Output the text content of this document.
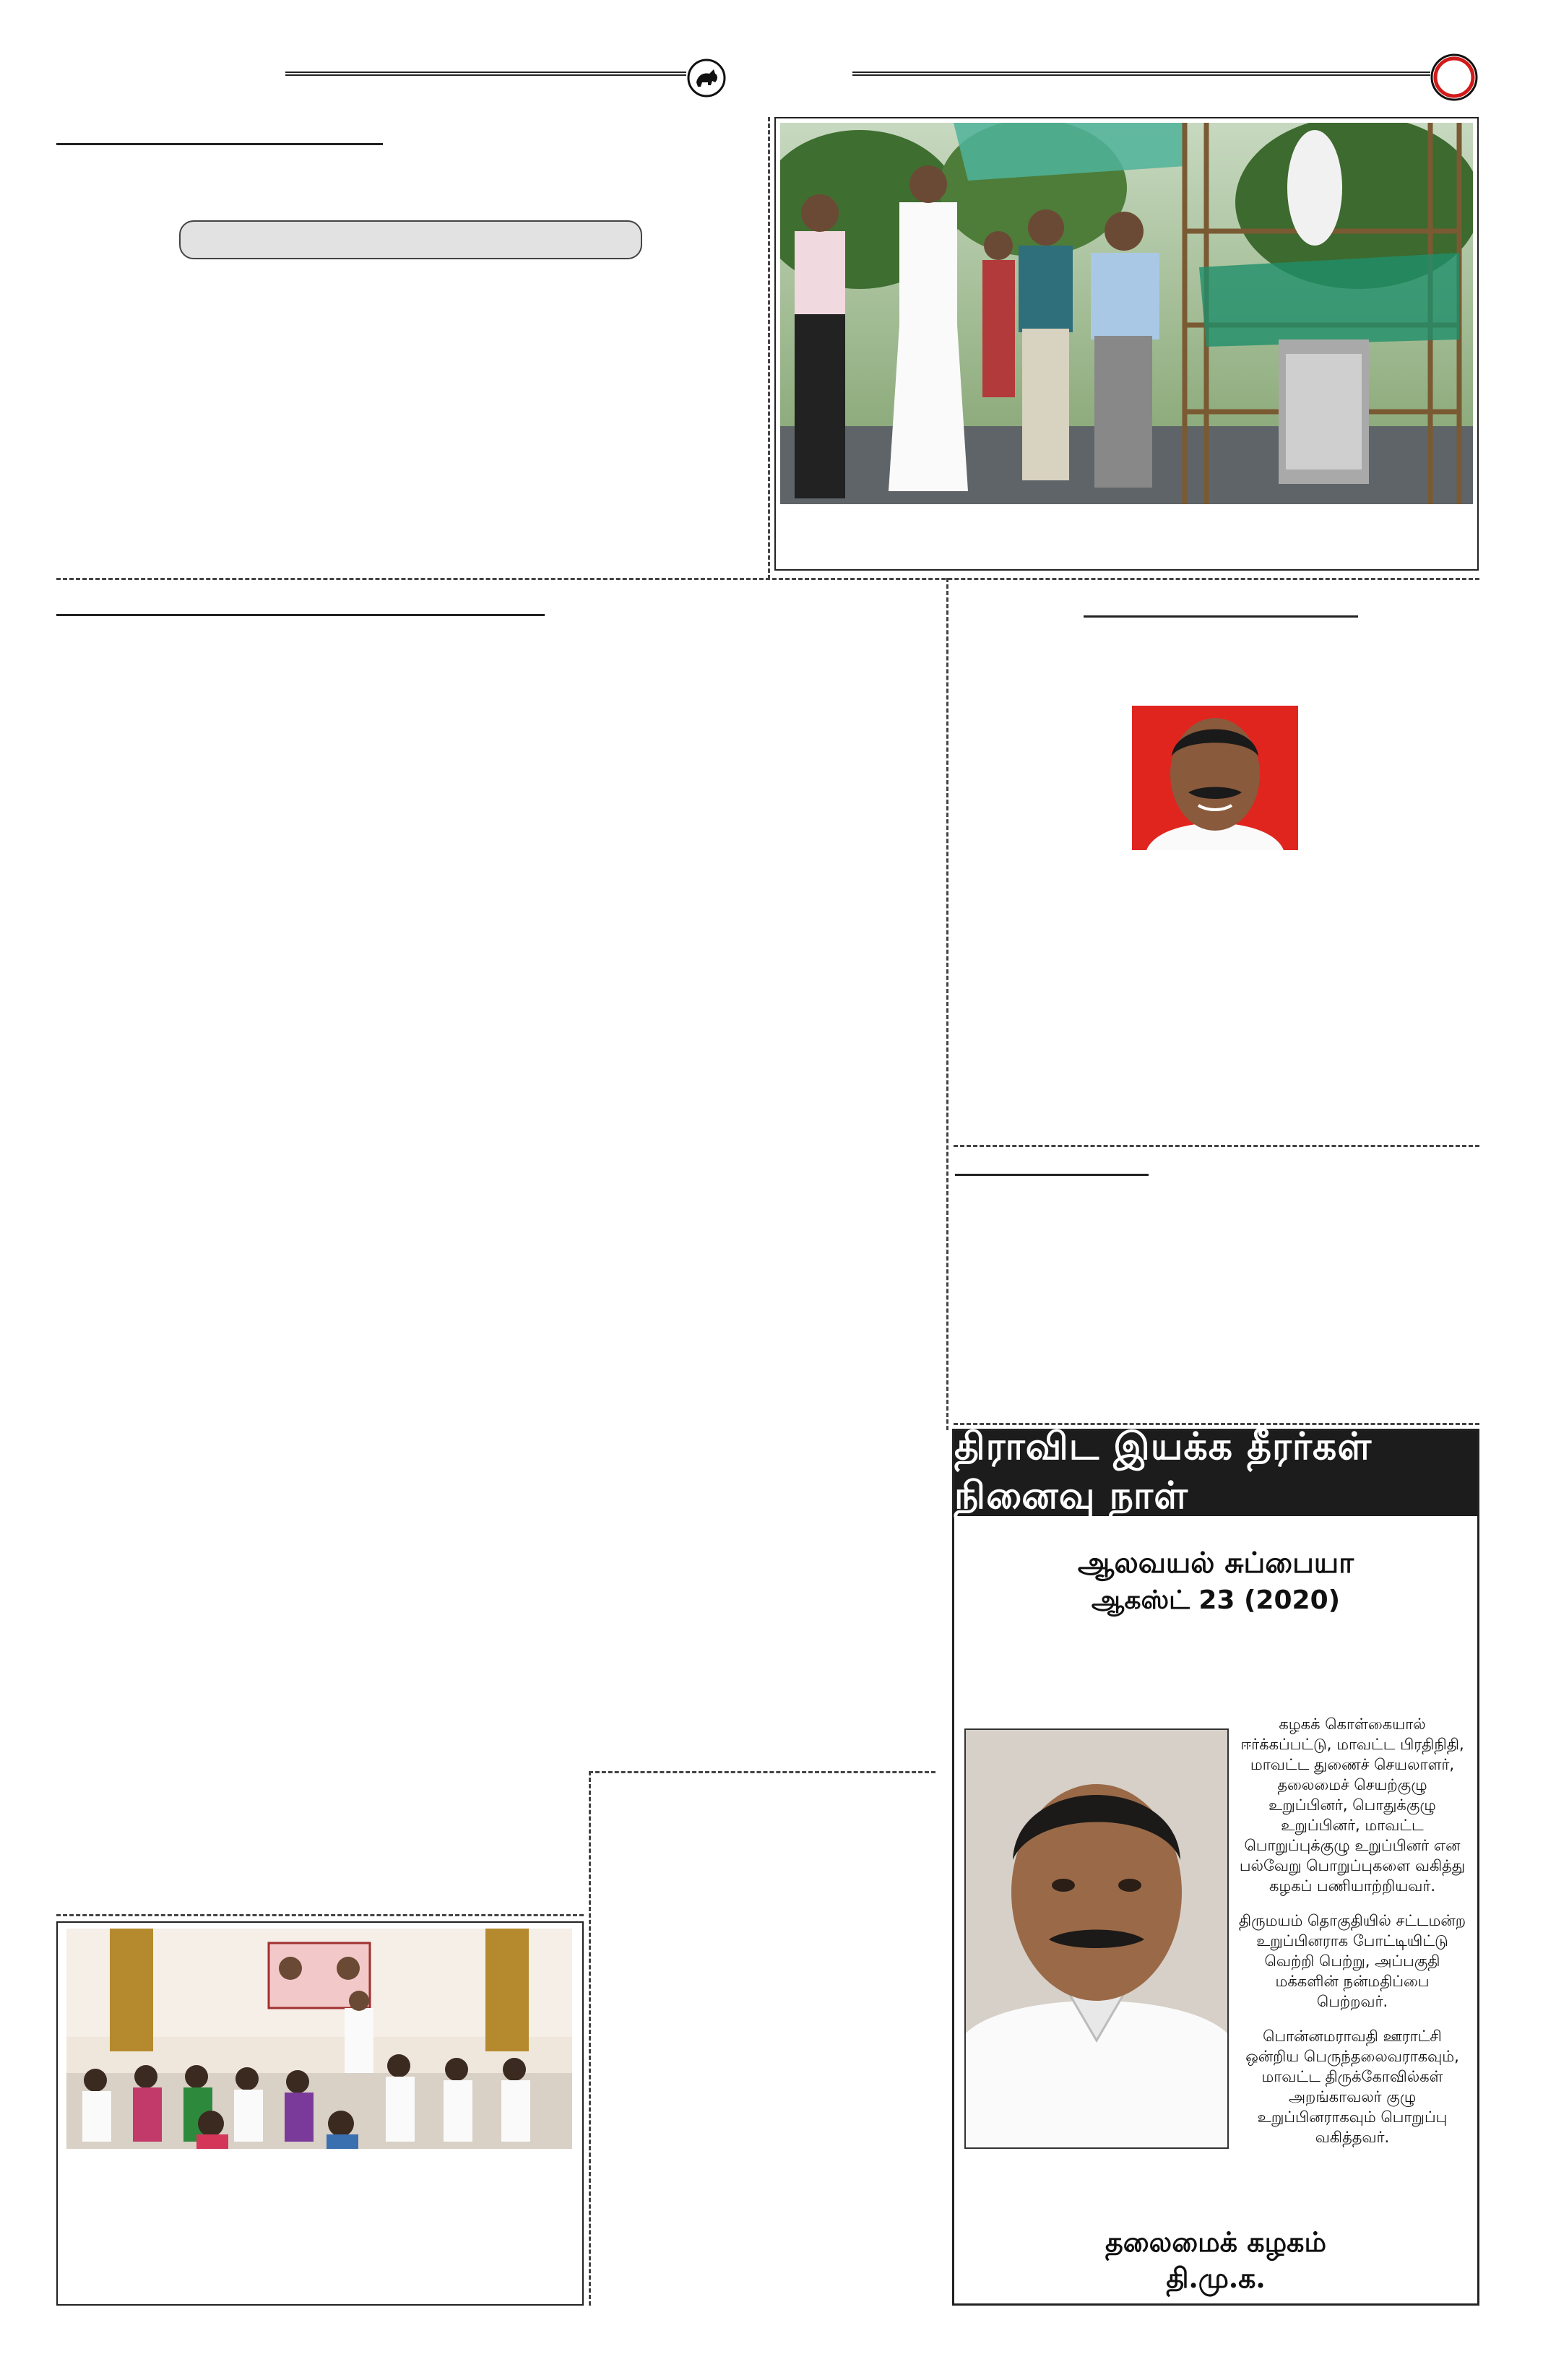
திராவிட இயக்க தீரர்கள் நினைவு நாள்
ஆலவயல் சுப்பையா
ஆகஸ்ட் 23 (2020)

கழகக் கொள்கையால் ஈர்க்கப்பட்டு, மாவட்ட பிரதிநிதி, மாவட்ட துணைச் செயலாளர், தலைமைச் செயற்குழு உறுப்பினர், பொதுக்குழு உறுப்பினர், மாவட்ட பொறுப்புக்குழு உறுப்பினர் என பல்வேறு பொறுப்புகளை வகித்து கழகப் பணியாற்றியவர்.

திருமயம் தொகுதியில் சட்டமன்ற உறுப்பினராக போட்டியிட்டு வெற்றி பெற்று, அப்பகுதி மக்களின் நன்மதிப்பை பெற்றவர்.

பொன்னமராவதி ஊராட்சி ஒன்றிய பெருந்தலைவராகவும், மாவட்ட திருக்கோவில்கள் அறங்காவலர் குழு உறுப்பினராகவும் பொறுப்பு வகித்தவர்.

தலைமைக் கழகம்
தி.மு.க.
